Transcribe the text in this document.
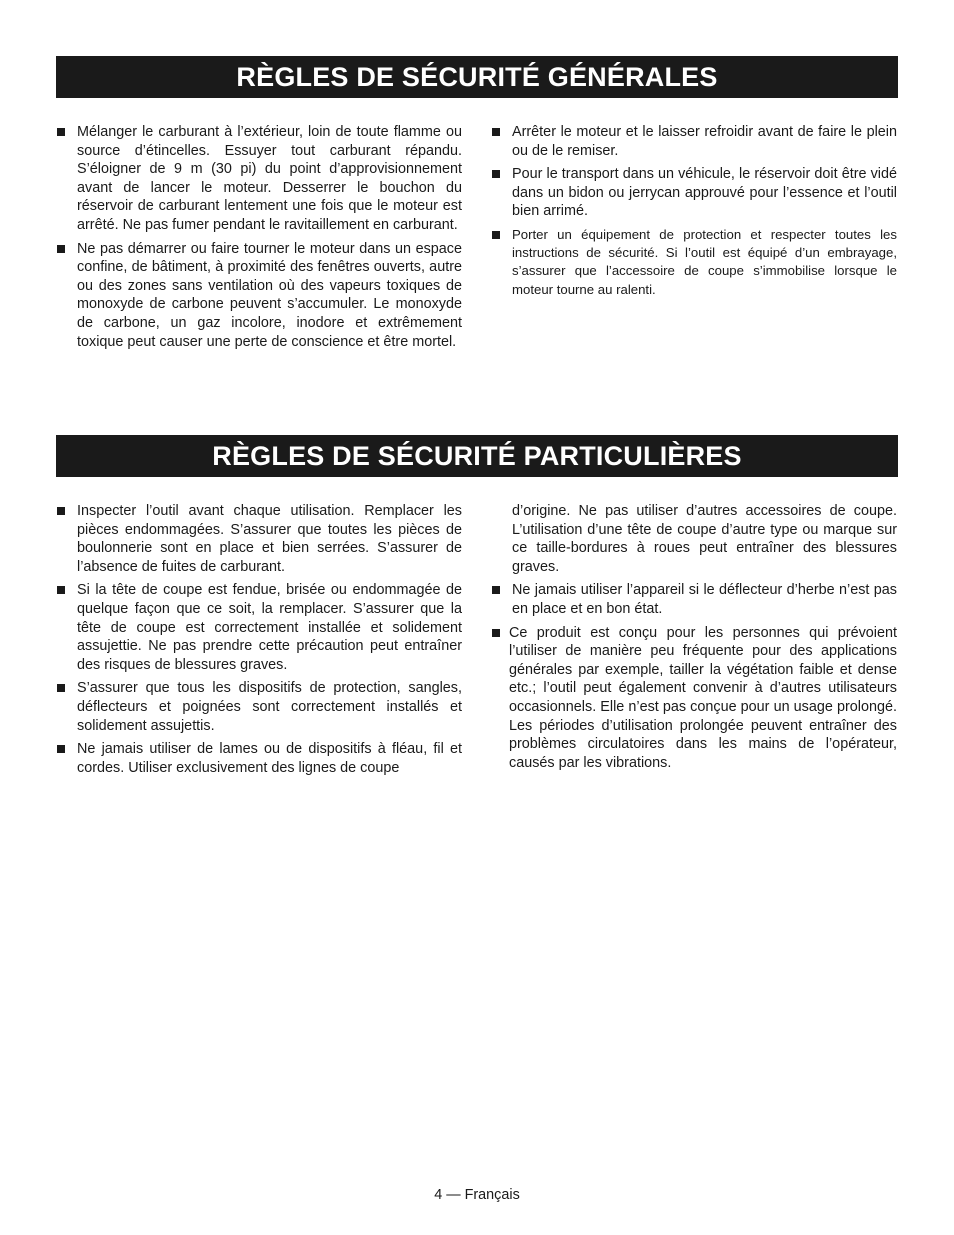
RÈGLES DE SÉCURITÉ GÉNÉRALES
Mélanger le carburant à l’extérieur, loin de toute flamme ou source d’étincelles. Essuyer tout carburant répandu. S’éloigner de 9 m (30 pi) du point d’approvisionnement avant de lancer le moteur. Desserrer le bouchon du réservoir de carburant lentement une fois que le moteur est arrêté. Ne pas fumer pendant le ravitaillement en carburant.
Ne pas démarrer ou faire tourner le moteur dans un espace confine, de bâtiment, à proximité des fenêtres ouverts, autre ou des zones sans ventilation où des vapeurs toxiques de monoxyde de carbone peuvent s’accumuler. Le monoxyde de carbone, un gaz incolore, inodore et extrêmement toxique peut causer une perte de conscience et être mortel.
Arrêter le moteur et le laisser refroidir avant de faire le plein ou de le remiser.
Pour le transport dans un véhicule, le réservoir doit être vidé dans un bidon ou jerrycan approuvé pour l’essence et l’outil bien arrimé.
Porter un équipement de protection et respecter toutes les instructions de sécurité. Si l’outil est équipé d’un embrayage, s’assurer que l’accessoire de coupe s’immobilise lorsque le moteur tourne au ralenti.
RÈGLES DE SÉCURITÉ PARTICULIÈRES
Inspecter l’outil avant chaque utilisation. Remplacer les pièces endommagées. S’assurer que toutes les pièces de boulonnerie sont en place et bien serrées. S’assurer de l’absence de fuites de carburant.
Si la tête de coupe est fendue, brisée ou endommagée de quelque façon que ce soit, la remplacer. S’assurer que la tête de coupe est correctement installée et solidement assujettie. Ne pas prendre cette précaution peut entraîner des risques de blessures graves.
S’assurer que tous les dispositifs de protection, sangles, déflecteurs et poignées sont correctement installés et solidement assujettis.
Ne jamais utiliser de lames ou de dispositifs à fléau, fil et cordes. Utiliser exclusivement des lignes de coupe
d’origine. Ne pas utiliser d’autres accessoires de coupe. L’utilisation d’une tête de coupe d’autre type ou marque sur ce taille-bordures à roues peut entraîner des blessures graves.
Ne jamais utiliser l’appareil si le déflecteur d’herbe n’est pas en place et en bon état.
Ce produit est conçu pour les personnes qui prévoient l’utiliser de manière peu fréquente pour des applications générales par exemple, tailler la végétation faible et dense etc.; l’outil peut également convenir à d’autres utilisateurs occasionnels. Elle n’est pas conçue pour un usage prolongé. Les périodes d’utilisation prolongée peuvent entraîner des problèmes circulatoires dans les mains de l’opérateur, causés par les vibrations.
4 — Français
